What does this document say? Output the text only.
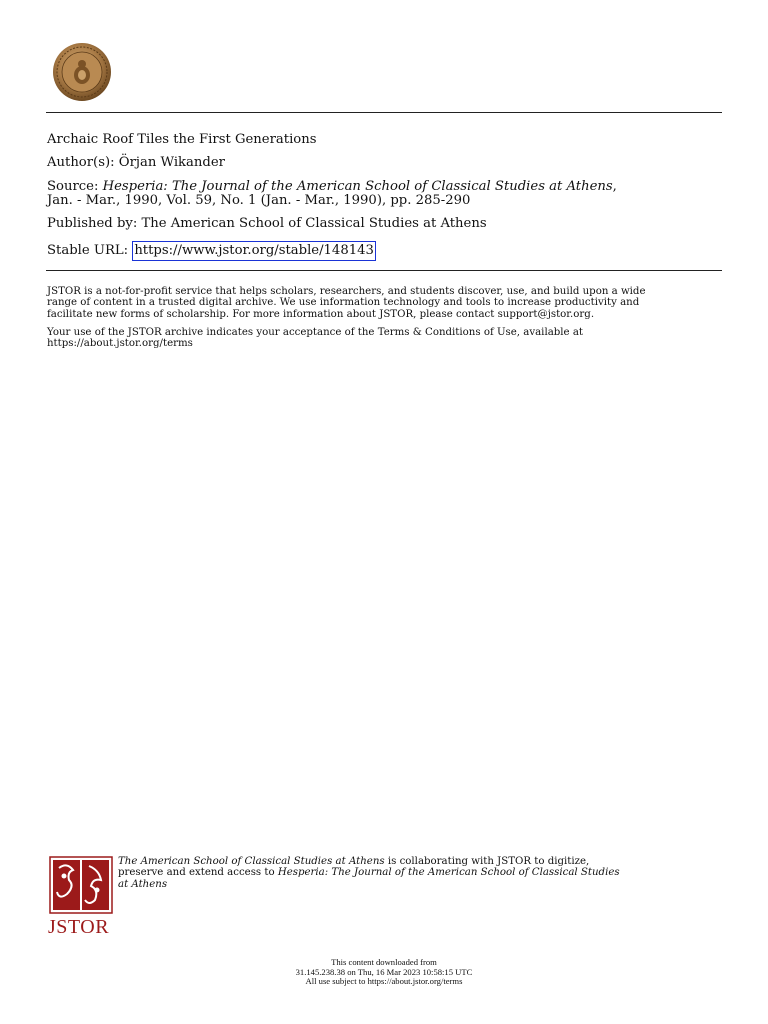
Archaic Roof Tiles the First Generations
Author(s): Örjan Wikander
Source: Hesperia: The Journal of the American School of Classical Studies at Athens,
Jan. - Mar., 1990, Vol. 59, No. 1 (Jan. - Mar., 1990), pp. 285-290
Published by: The American School of Classical Studies at Athens
Stable URL: https://www.jstor.org/stable/148143
JSTOR is a not-for-profit service that helps scholars, researchers, and students discover, use, and build upon a wide
range of content in a trusted digital archive. We use information technology and tools to increase productivity and
facilitate new forms of scholarship. For more information about JSTOR, please contact support@jstor.org.
Your use of the JSTOR archive indicates your acceptance of the Terms & Conditions of Use, available at
https://about.jstor.org/terms
JSTOR
The American School of Classical Studies at Athens is collaborating with JSTOR to digitize,
preserve and extend access to Hesperia: The Journal of the American School of Classical Studies
at Athens
This content downloaded from
31.145.238.38 on Thu, 16 Mar 2023 10:58:15 UTC
All use subject to https://about.jstor.org/terms
